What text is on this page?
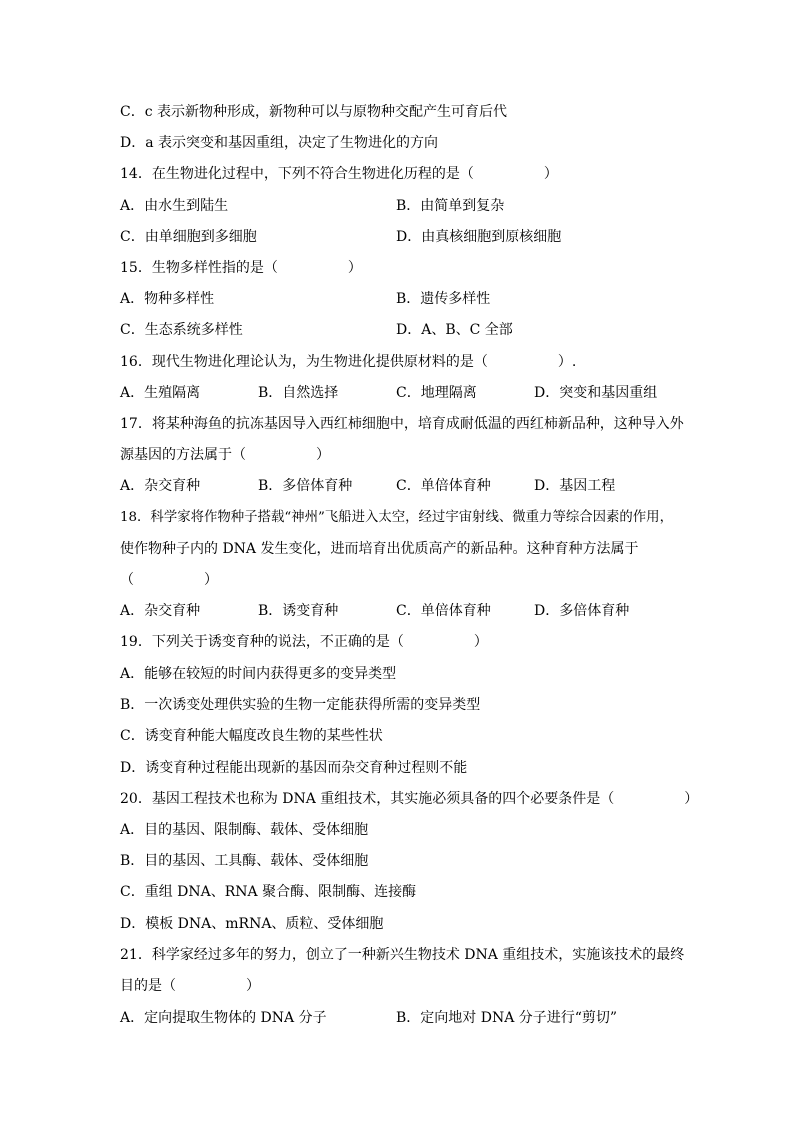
C．c 表示新物种形成，新物种可以与原物种交配产生可育后代
D．a 表示突变和基因重组，决定了生物进化的方向
14．在生物进化过程中，下列不符合生物进化历程的是（　　　　　）
A．由水生到陆生	B．由简单到复杂
C．由单细胞到多细胞	D．由真核细胞到原核细胞
15．生物多样性指的是（　　　　　）
A．物种多样性	B．遗传多样性
C．生态系统多样性	D．A、B、C 全部
16．现代生物进化理论认为，为生物进化提供原材料的是（　　　　　）.
A．生殖隔离	B．自然选择	C．地理隔离	D．突变和基因重组
17．将某种海鱼的抗冻基因导入西红柿细胞中，培育成耐低温的西红柿新品种，这种导入外
源基因的方法属于（　　　　　）
A．杂交育种	B．多倍体育种	C．单倍体育种	D．基因工程
18．科学家将作物种子搭载“神州”飞船进入太空，经过宇宙射线、微重力等综合因素的作用，
使作物种子内的 DNA 发生变化，进而培育出优质高产的新品种。这种育种方法属于
（　　　　　）
A．杂交育种	B．诱变育种	C．单倍体育种	D．多倍体育种
19．下列关于诱变育种的说法，不正确的是（　　　　　）
A．能够在较短的时间内获得更多的变异类型
B．一次诱变处理供实验的生物一定能获得所需的变异类型
C．诱变育种能大幅度改良生物的某些性状
D．诱变育种过程能出现新的基因而杂交育种过程则不能
20．基因工程技术也称为 DNA 重组技术，其实施必须具备的四个必要条件是（　　　　　）
A．目的基因、限制酶、载体、受体细胞
B．目的基因、工具酶、载体、受体细胞
C．重组 DNA、RNA 聚合酶、限制酶、连接酶
D．模板 DNA、mRNA、质粒、受体细胞
21．科学家经过多年的努力，创立了一种新兴生物技术 DNA 重组技术，实施该技术的最终
目的是（　　　　　）
A．定向提取生物体的 DNA 分子	B．定向地对 DNA 分子进行“剪切”
